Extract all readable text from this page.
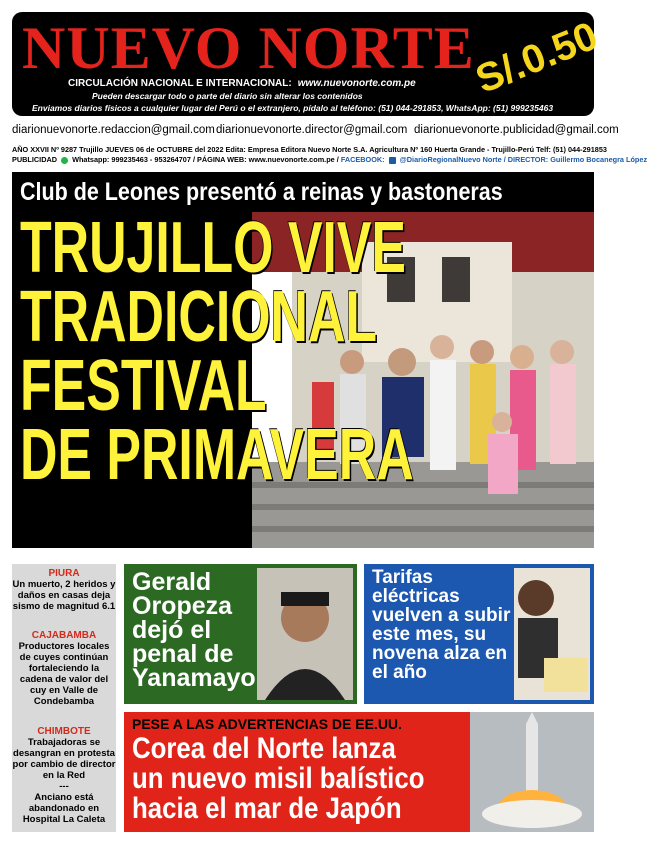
NUEVO NORTE
S/.0.50
CIRCULACIÓN NACIONAL E INTERNACIONAL: www.nuevonorte.com.pe
Pueden descargar todo o parte del diario sin alterar los contenidos
Enviamos diarios físicos a cualquier lugar del Perú o el extranjero, pídalo al teléfono: (51) 044-291853, WhatsApp: (51) 999235463
diarionuevonorte.redaccion@gmail.com diarionuevonorte.director@gmail.com diarionuevonorte.publicidad@gmail.com
AÑO XXVII Nº 9287 Trujillo JUEVES 06 de OCTUBRE del 2022 Edita: Empresa Editora Nuevo Norte S.A. Agricultura Nº 160 Huerta Grande - Trujillo-Perú Telf: (51) 044-291853
PUBLICIDAD Whatsapp: 999235463 - 953264707 / PÁGINA WEB: www.nuevonorte.com.pe / FACEBOOK: @DiarioRegionalNuevo Norte / DIRECTOR: Guillermo Bocanegra López
Club de Leones presentó a reinas y bastoneras
TRUJILLO VIVE
TRADICIONAL
FESTIVAL
DE PRIMAVERA
PIURA
Un muerto, 2 heridos y daños en casas deja sismo de magnitud 6.1
CAJABAMBA
Productores locales de cuyes continúan fortaleciendo la cadena de valor del cuy en Valle de Condebamba
CHIMBOTE
Trabajadoras se desangran en protesta por cambio de director en la Red
---
Anciano está abandonado en Hospital La Caleta
Gerald Oropeza dejó el penal de Yanamayo
Tarifas eléctricas vuelven a subir este mes, su novena alza en el año
PESE A LAS ADVERTENCIAS DE EE.UU.
Corea del Norte lanza
un nuevo misil balístico
hacia el mar de Japón
